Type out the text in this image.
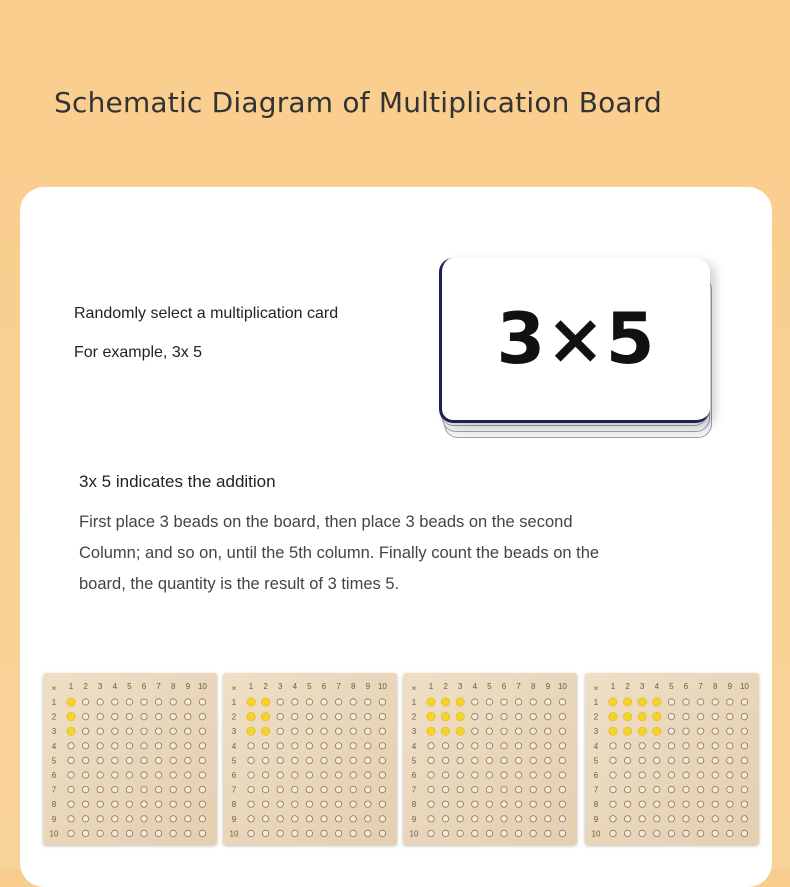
Schematic Diagram of Multiplication Board
Randomly select a multiplication card
For example, 3x 5	3×5
3x 5 indicates the addition
First place 3 beads on the board, then place 3 beads on the second
Column; and so on, until the 5th column. Finally count the beads on the
board, the quantity is the result of 3 times 5.
× 1 2 3 4 5 6 7 8 9 10
1
2
3
4
5
6
7
8
9
10
× 1 2 3 4 5 6 7 8 9 10
1
2
3
4
5
6
7
8
9
10
× 1 2 3 4 5 6 7 8 9 10
1
2
3
4
5
6
7
8
9
10
× 1 2 3 4 5 6 7 8 9 10
1
2
3
4
5
6
7
8
9
10
